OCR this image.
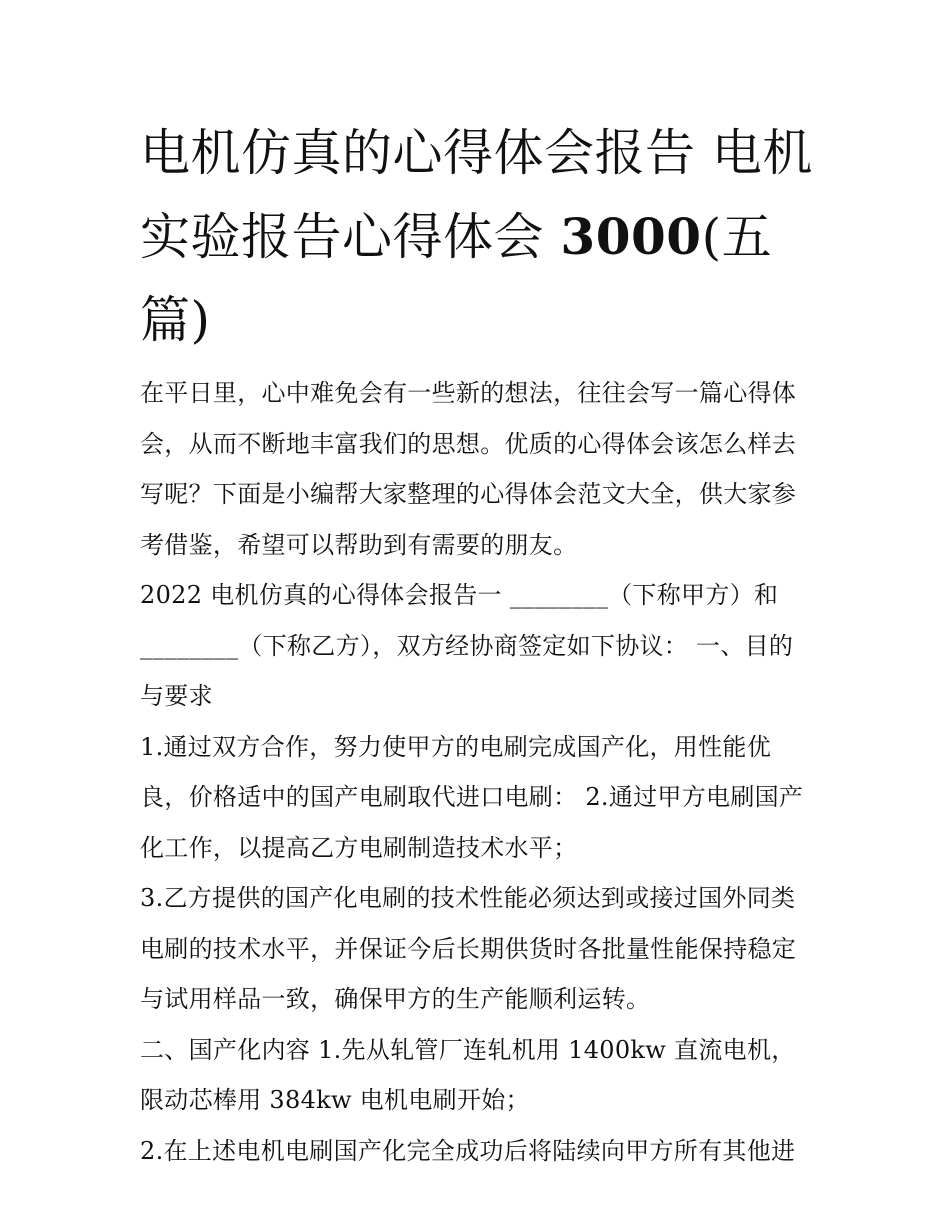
电机仿真的心得体会报告 电机
实验报告心得体会 3000(五篇)

在平日里，心中难免会有一些新的想法，往往会写一篇心得体会，从而不断地丰富我们的思想。优质的心得体会该怎么样去写呢？下面是小编帮大家整理的心得体会范文大全，供大家参考借鉴，希望可以帮助到有需要的朋友。

2022 电机仿真的心得体会报告一 ________（下称甲方）和 ________（下称乙方），双方经协商签定如下协议： 一、目的与要求

1.通过双方合作，努力使甲方的电刷完成国产化，用性能优良，价格适中的国产电刷取代进口电刷： 2.通过甲方电刷国产化工作，以提高乙方电刷制造技术水平；

3.乙方提供的国产化电刷的技术性能必须达到或接过国外同类电刷的技术水平，并保证今后长期供货时各批量性能保持稳定与试用样品一致，确保甲方的生产能顺利运转。

二、国产化内容 1.先从轧管厂连轧机用 1400kw 直流电机，限动芯棒用 384kw 电机电刷开始；

2.在上述电机电刷国产化完全成功后将陆续向甲方所有其他进
